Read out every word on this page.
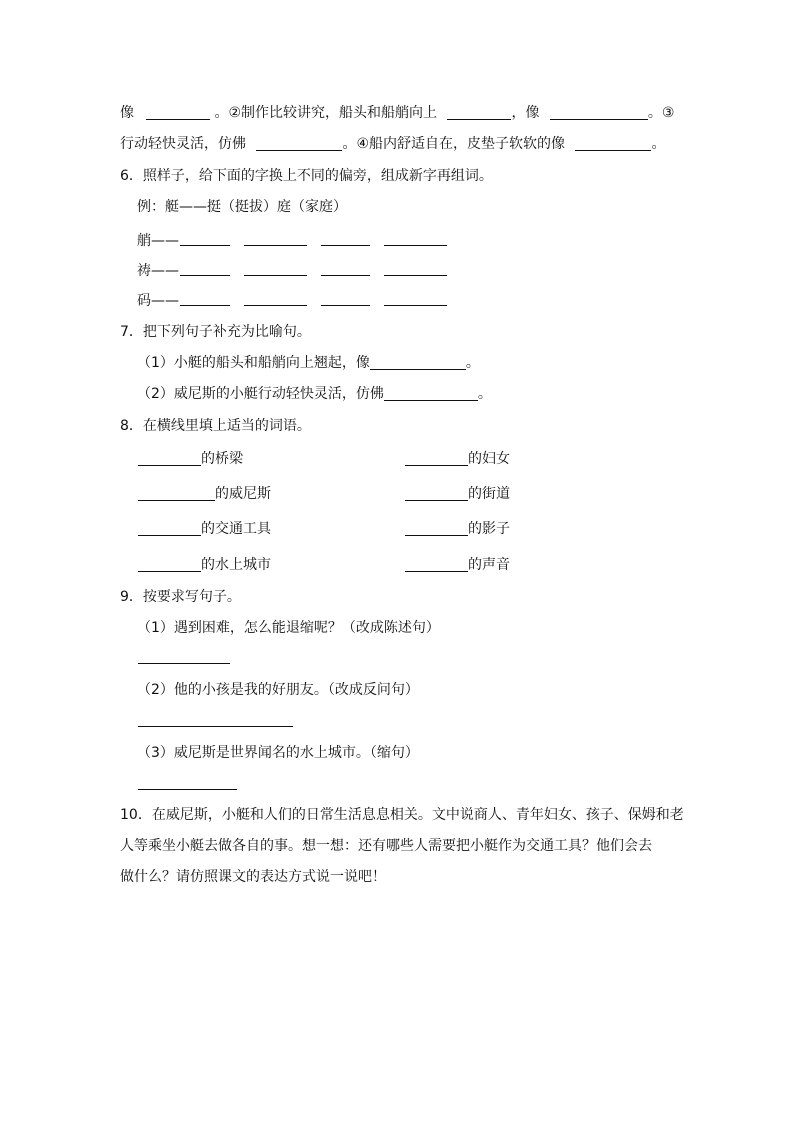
像	。②制作比较讲究，船头和船艄向上	，像	。③
行动轻快灵活，仿佛	。④船内舒适自在，皮垫子软软的像	。
6．照样子，给下面的字换上不同的偏旁，组成新字再组词。
例：艇——挺（挺拔）庭（家庭）
艄——
祷——
码——
7．把下列句子补充为比喻句。
（1）小艇的船头和船艄向上翘起，像	。
（2）威尼斯的小艇行动轻快灵活，仿佛	。
8．在横线里填上适当的词语。
的桥梁	的妇女
的威尼斯	的街道
的交通工具	的影子
的水上城市	的声音
9．按要求写句子。
（1）遇到困难，怎么能退缩呢？（改成陈述句）
（2）他的小孩是我的好朋友。（改成反问句）
（3）威尼斯是世界闻名的水上城市。（缩句）
10．在威尼斯，小艇和人们的日常生活息息相关。文中说商人、青年妇女、孩子、保姆和老
人等乘坐小艇去做各自的事。想一想：还有哪些人需要把小艇作为交通工具？他们会去
做什么？请仿照课文的表达方式说一说吧！
